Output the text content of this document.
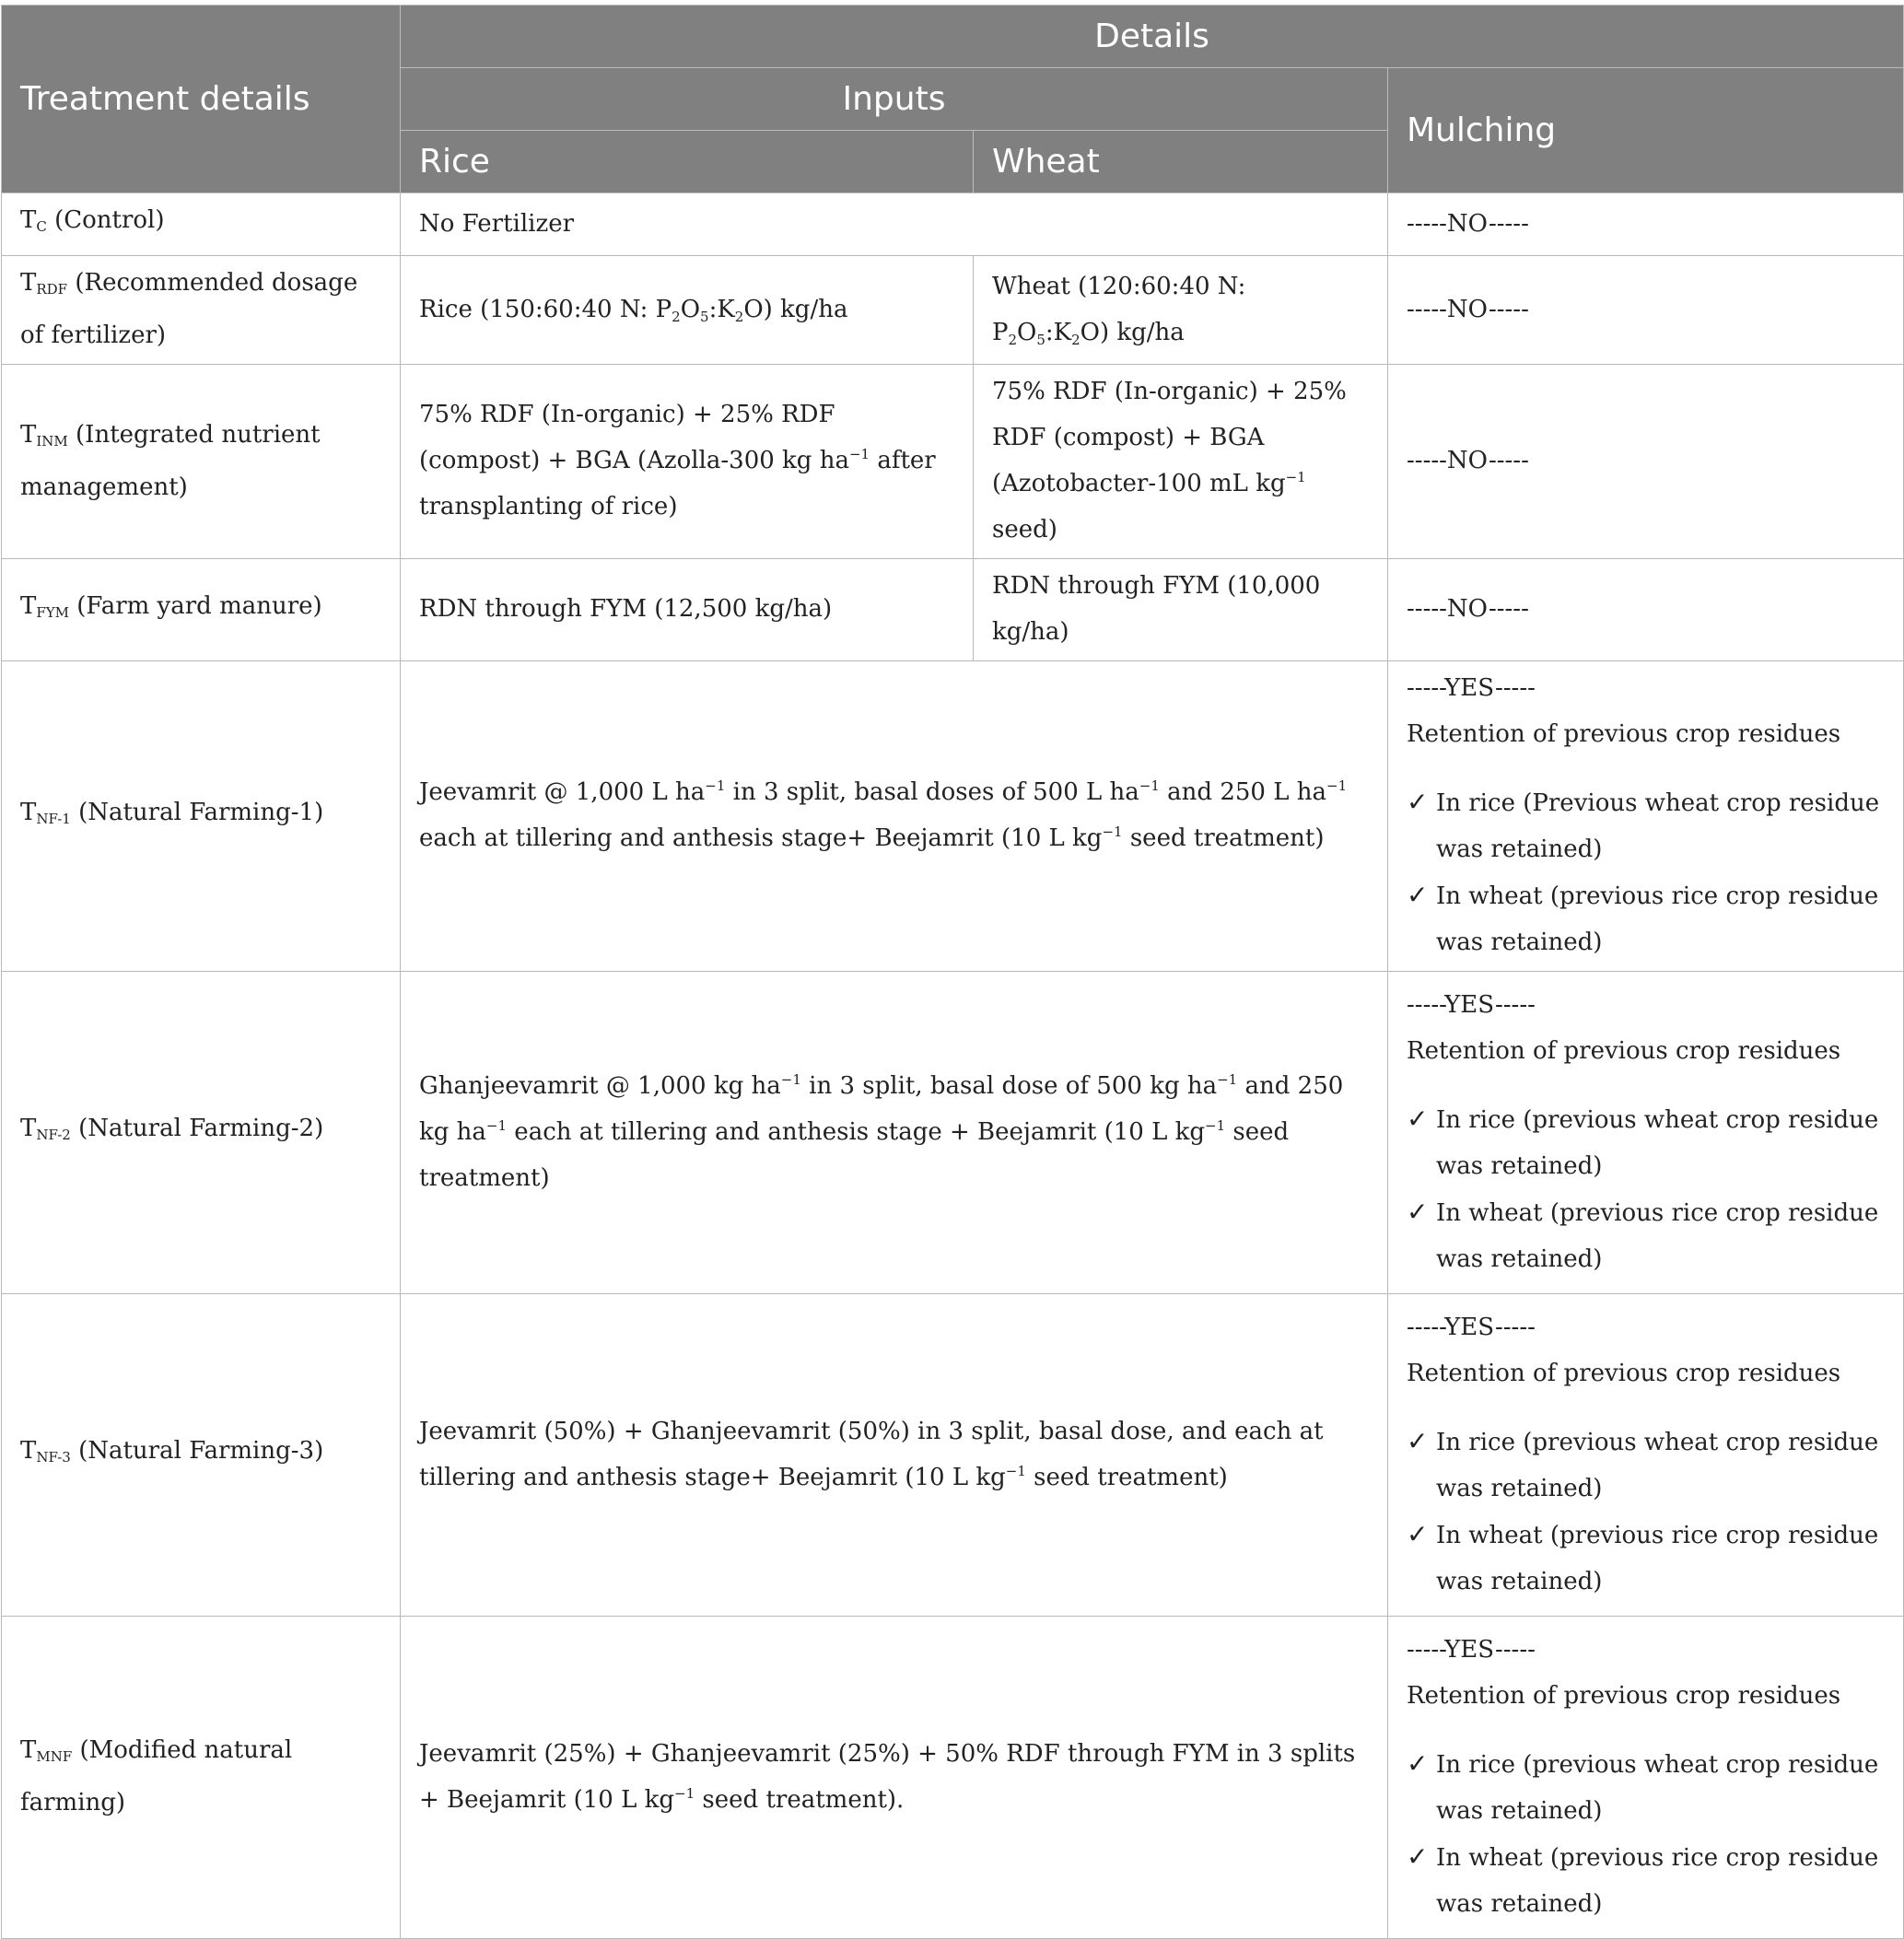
Treatment details	Details		
	Inputs		Mulching
	Rice	Wheat	
$T_C$ (Control)	No Fertilizer		-----NO-----
$T_{RDF}$ (Recommended dosage of fertilizer)	Rice (150:60:40 N: P2O5:K2O) kg/ha	Wheat (120:60:40 N: P2O5:K2O) kg/ha	-----NO-----
$T_{INM}$ (Integrated nutrient management)	75% RDF (In-organic) + 25% RDF (compost) + BGA (Azolla-300 kg $ha^{-1}$ after transplanting of rice)	75% RDF (In-organic) + 25% RDF (compost) + BGA (Azotobacter-100 mL $kg^{-1}$ seed)	-----NO-----
$T_{FYM}$ (Farm yard manure)	RDN through FYM (12,500 kg/ha)	RDN through FYM (10,000 kg/ha)	-----NO-----
$T_{NF-1}$ (Natural Farming-1)	Jeevamrit @ 1,000 L $ha^{-1}$ in 3 split, basal doses of 500 L $ha^{-1}$ and 250 L $ha^{-1}$ each at tillering and anthesis stage+ Beejamrit (10 L $kg^{-1}$ seed treatment)		-----YES-----
Retention of previous crop residues
✓ In rice (Previous wheat crop residue was retained)
✓ In wheat (previous rice crop residue was retained)

$T_{NF-2}$ (Natural Farming-2)	Ghanjeevamrit @ 1,000 kg $ha^{-1}$ in 3 split, basal dose of 500 kg $ha^{-1}$ and 250 kg $ha^{-1}$ each at tillering and anthesis stage + Beejamrit (10 L $kg^{-1}$ seed treatment)		-----YES-----
Retention of previous crop residues
✓ In rice (previous wheat crop residue was retained)
✓ In wheat (previous rice crop residue was retained)

$T_{NF-3}$ (Natural Farming-3)	Jeevamrit (50%) + Ghanjeevamrit (50%) in 3 split, basal dose, and each at tillering and anthesis stage+ Beejamrit (10 L $kg^{-1}$ seed treatment)		-----YES-----
Retention of previous crop residues
✓ In rice (previous wheat crop residue was retained)
✓ In wheat (previous rice crop residue was retained)

$T_{MNF}$ (Modified natural farming)	Jeevamrit (25%) + Ghanjeevamrit (25%) + 50% RDF through FYM in 3 splits + Beejamrit (10 L $kg^{-1}$ seed treatment).		-----YES-----
Retention of previous crop residues
✓ In rice (previous wheat crop residue was retained)
✓ In wheat (previous rice crop residue was retained)
